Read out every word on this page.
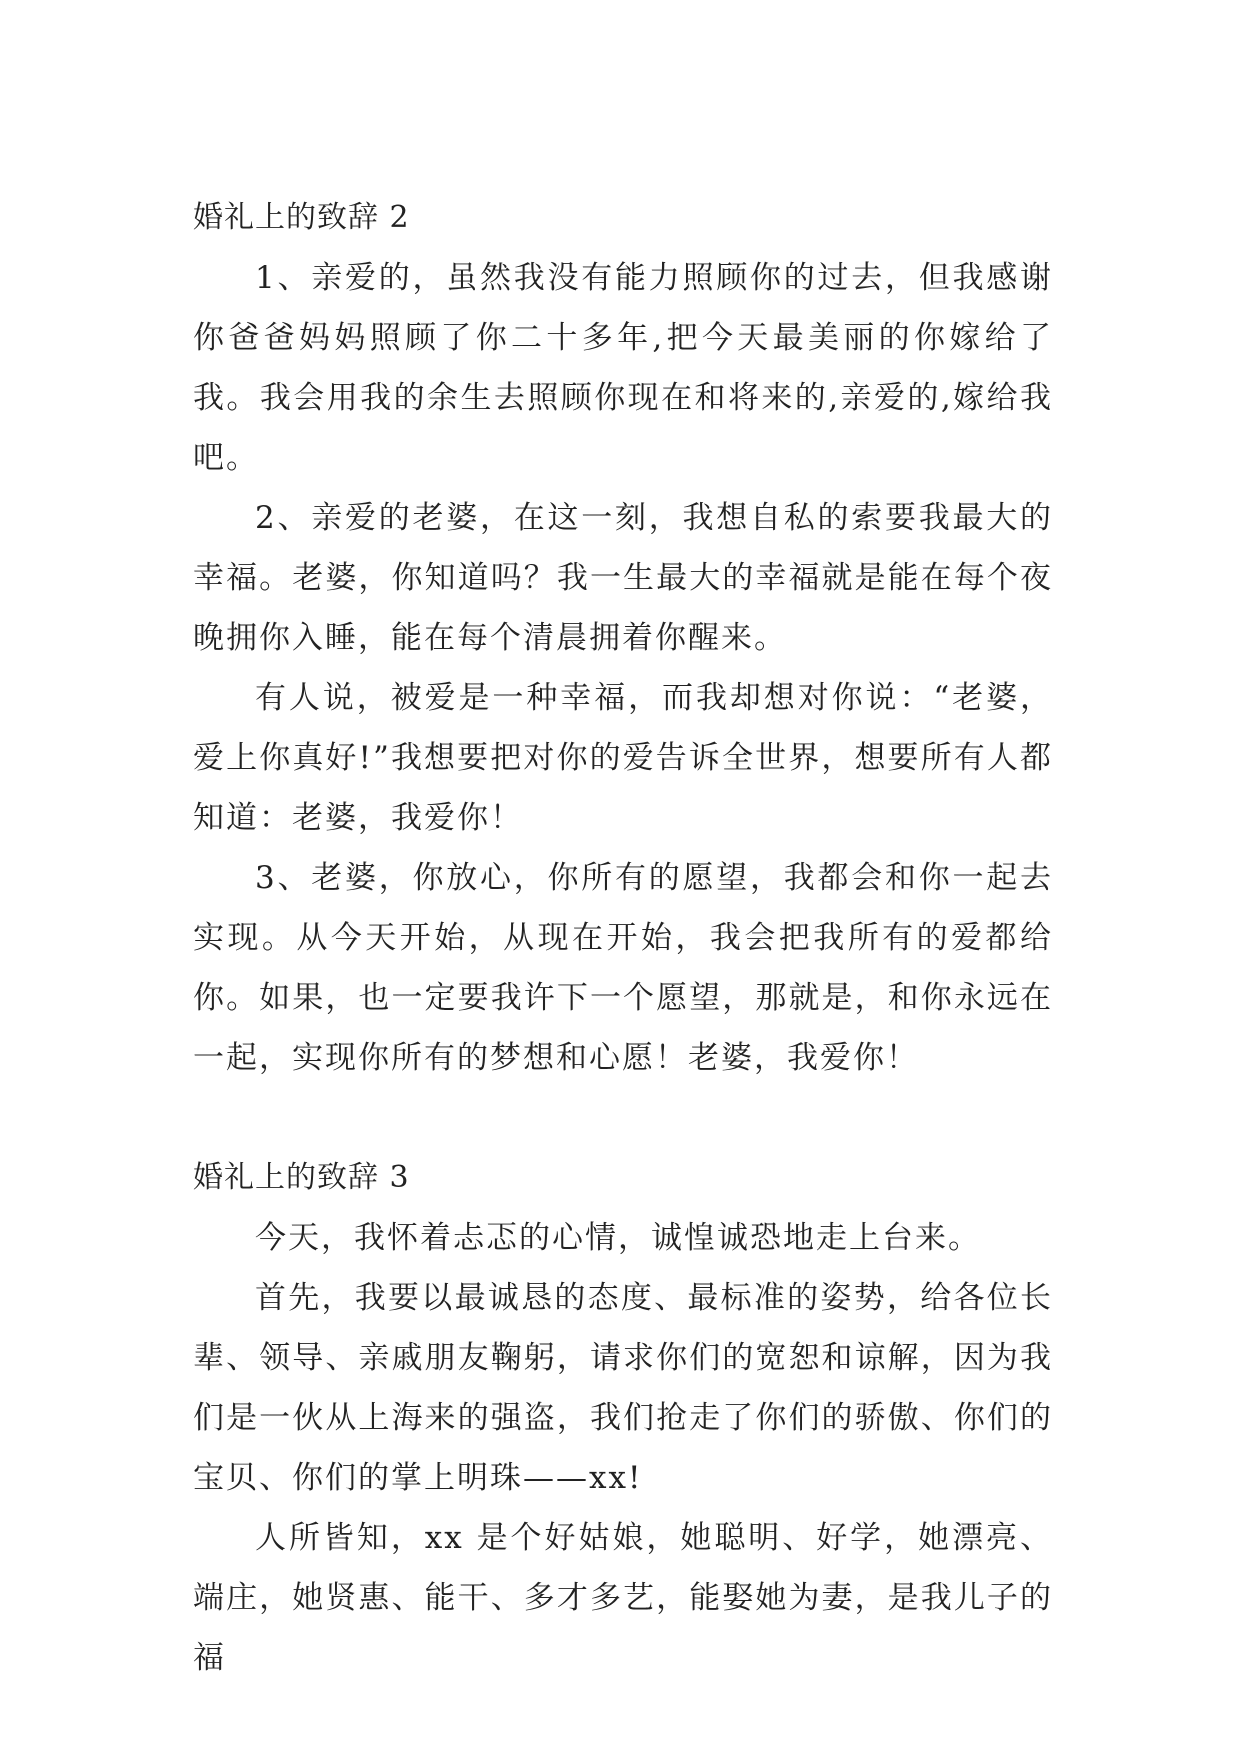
婚礼上的致辞 2

1、亲爱的，虽然我没有能力照顾你的过去，但我感谢你爸爸妈妈照顾了你二十多年,把今天最美丽的你嫁给了我。我会用我的余生去照顾你现在和将来的,亲爱的,嫁给我吧。

2、亲爱的老婆，在这一刻，我想自私的索要我最大的幸福。老婆，你知道吗？我一生最大的幸福就是能在每个夜晚拥你入睡，能在每个清晨拥着你醒来。

有人说，被爱是一种幸福，而我却想对你说：“老婆，爱上你真好!”我想要把对你的爱告诉全世界，想要所有人都知道：老婆，我爱你！

3、老婆，你放心，你所有的愿望，我都会和你一起去实现。从今天开始，从现在开始，我会把我所有的爱都给你。如果，也一定要我许下一个愿望，那就是，和你永远在一起，实现你所有的梦想和心愿！老婆，我爱你！

婚礼上的致辞 3

今天，我怀着忐忑的心情，诚惶诚恐地走上台来。

首先，我要以最诚恳的态度、最标准的姿势，给各位长辈、领导、亲戚朋友鞠躬，请求你们的宽恕和谅解，因为我们是一伙从上海来的强盗，我们抢走了你们的骄傲、你们的宝贝、你们的掌上明珠——xx!

人所皆知，xx 是个好姑娘，她聪明、好学，她漂亮、端庄，她贤惠、能干、多才多艺，能娶她为妻，是我儿子的福
